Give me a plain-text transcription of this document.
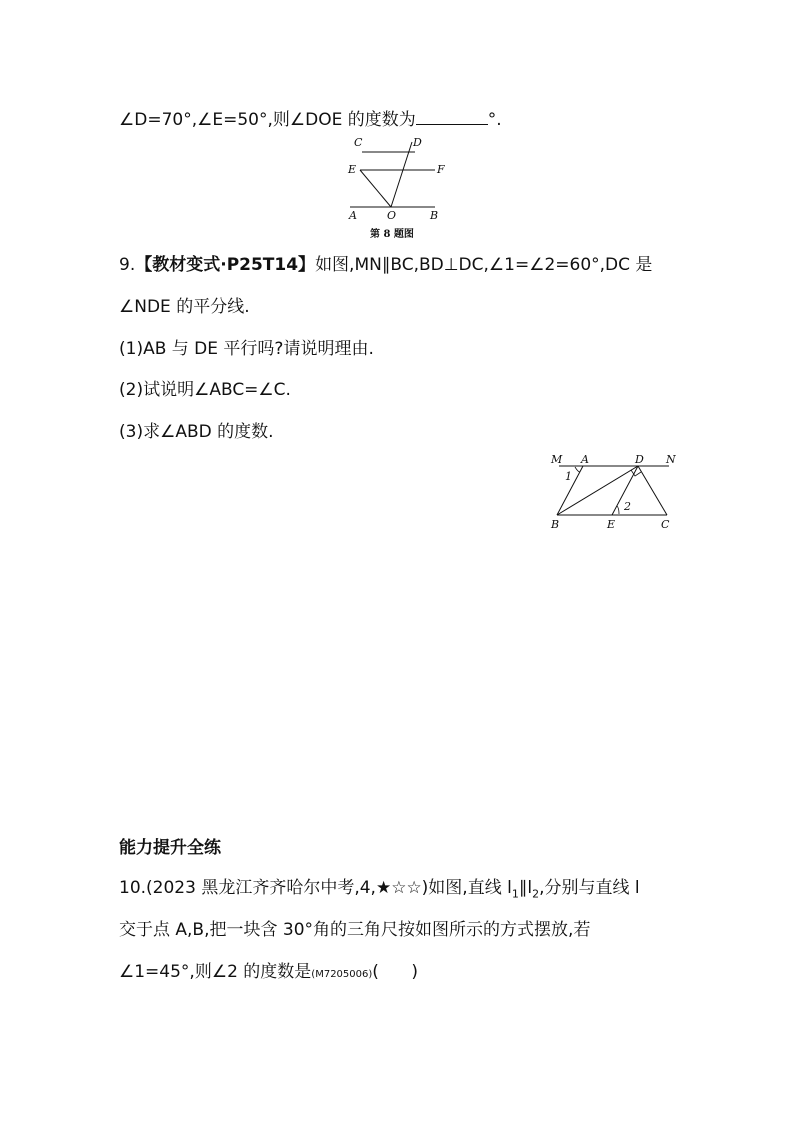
∠D=70°,∠E=50°,则∠DOE 的度数为	°.
C	D
E	F
A	O	B
第 8 题图
9.【教材变式·P25T14】如图,MN∥BC,BD⊥DC,∠1=∠2=60°,DC 是
∠NDE 的平分线.
(1)AB 与 DE 平行吗?请说明理由.
(2)试说明∠ABC=∠C.
(3)求∠ABD 的度数.
M A	D N
1
2
B	E	C
能力提升全练
10.(2023 黑龙江齐齐哈尔中考,4,★☆☆)如图,直线 $l_1\parallel l_2$,分别与直线 l
交于点 A,B,把一块含 30°角的三角尺按如图所示的方式摆放,若
∠1=45°,则∠2 的度数是(M7205006)(      )
